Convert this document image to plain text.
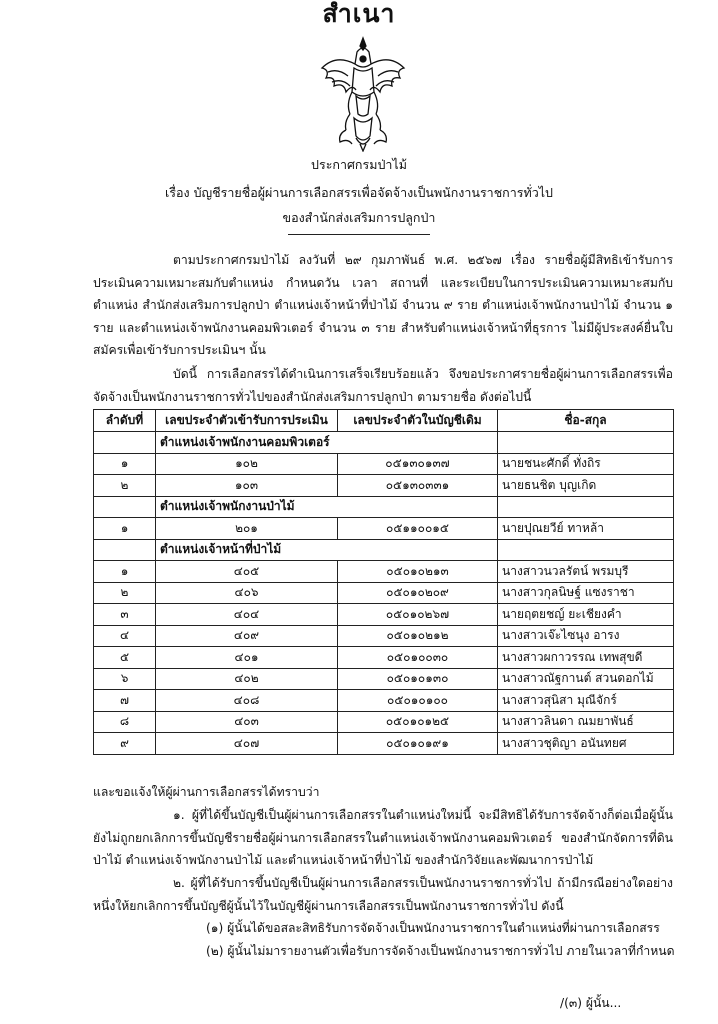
สำเนา
ประกาศกรมป่าไม้
เรื่อง บัญชีรายชื่อผู้ผ่านการเลือกสรรเพื่อจัดจ้างเป็นพนักงานราชการทั่วไป
ของสำนักส่งเสริมการปลูกป่า
ตามประกาศกรมป่าไม้ ลงวันที่ ๒๙ กุมภาพันธ์ พ.ศ. ๒๕๖๗ เรื่อง รายชื่อผู้มีสิทธิเข้ารับการประเมินความเหมาะสมกับตำแหน่ง กำหนดวัน เวลา สถานที่ และระเบียบในการประเมินความเหมาะสมกับตำแหน่ง สำนักส่งเสริมการปลูกป่า ตำแหน่งเจ้าหน้าที่ป่าไม้ จำนวน ๙ ราย ตำแหน่งเจ้าพนักงานป่าไม้ จำนวน ๑ ราย และตำแหน่งเจ้าพนักงานคอมพิวเตอร์ จำนวน ๓ ราย สำหรับตำแหน่งเจ้าหน้าที่ธุรการ ไม่มีผู้ประสงค์ยื่นใบสมัครเพื่อเข้ารับการประเมินฯ นั้น
บัดนี้ การเลือกสรรได้ดำเนินการเสร็จเรียบร้อยแล้ว จึงขอประกาศรายชื่อผู้ผ่านการเลือกสรรเพื่อจัดจ้างเป็นพนักงานราชการทั่วไปของสำนักส่งเสริมการปลูกป่า ตามรายชื่อ ดังต่อไปนี้
ลำดับที่	เลขประจำตัวเข้ารับการประเมิน	เลขประจำตัวในบัญชีเดิม	ชื่อ-สกุล
	ตำแหน่งเจ้าพนักงานคอมพิวเตอร์		
๑	๑๐๒	๐๕๑๓๐๑๓๗	นายชนะศักดิ์ ทั่งถิร
๒	๑๐๓	๐๕๑๓๐๓๓๑	นายธนชิต บุญเกิด
	ตำแหน่งเจ้าพนักงานป่าไม้		
๑	๒๐๑	๐๕๑๑๐๐๑๕	นายปุณยวีย์ ทาหล้า
	ตำแหน่งเจ้าหน้าที่ป่าไม้		
๑	๔๐๕	๐๕๐๑๐๒๑๓	นางสาวนวลรัตน์ พรมบุรี
๒	๔๐๖	๐๕๐๑๐๒๐๙	นางสาวกุลนิษฐ์ แซงราชา
๓	๔๐๔	๐๕๐๑๐๒๖๗	นายฤตยชญ์ ยะเชียงคำ
๔	๔๐๙	๐๕๐๑๐๒๑๒	นางสาวเจ๊ะไซนุง อารง
๕	๔๐๑	๐๕๐๑๐๐๓๐	นางสาวผกาวรรณ เทพสุขดี
๖	๔๐๒	๐๕๐๑๐๑๓๐	นางสาวณัฐกานต์ สวนดอกไม้
๗	๔๐๘	๐๕๐๑๐๑๐๐	นางสาวสุนิสา มุณีจักร์
๘	๔๐๓	๐๕๐๑๐๑๒๕	นางสาวลินดา ณมยาพันธ์
๙	๔๐๗	๐๕๐๑๐๑๙๑	นางสาวชุติญา อนันทยศ
และขอแจ้งให้ผู้ผ่านการเลือกสรรได้ทราบว่า
๑. ผู้ที่ได้ขึ้นบัญชีเป็นผู้ผ่านการเลือกสรรในตำแหน่งใหม่นี้ จะมีสิทธิได้รับการจัดจ้างก็ต่อเมื่อผู้นั้นยังไม่ถูกยกเลิกการขึ้นบัญชีรายชื่อผู้ผ่านการเลือกสรรในตำแหน่งเจ้าพนักงานคอมพิวเตอร์ ของสำนักจัดการที่ดินป่าไม้ ตำแหน่งเจ้าพนักงานป่าไม้ และตำแหน่งเจ้าหน้าที่ป่าไม้ ของสำนักวิจัยและพัฒนาการป่าไม้
๒. ผู้ที่ได้รับการขึ้นบัญชีเป็นผู้ผ่านการเลือกสรรเป็นพนักงานราชการทั่วไป ถ้ามีกรณีอย่างใดอย่างหนึ่งให้ยกเลิกการขึ้นบัญชีผู้นั้นไว้ในบัญชีผู้ผ่านการเลือกสรรเป็นพนักงานราชการทั่วไป ดังนี้
(๑) ผู้นั้นได้ขอสละสิทธิรับการจัดจ้างเป็นพนักงานราชการในตำแหน่งที่ผ่านการเลือกสรร
(๒) ผู้นั้นไม่มารายงานตัวเพื่อรับการจัดจ้างเป็นพนักงานราชการทั่วไป ภายในเวลาที่กำหนด
/(๓) ผู้นั้น...
